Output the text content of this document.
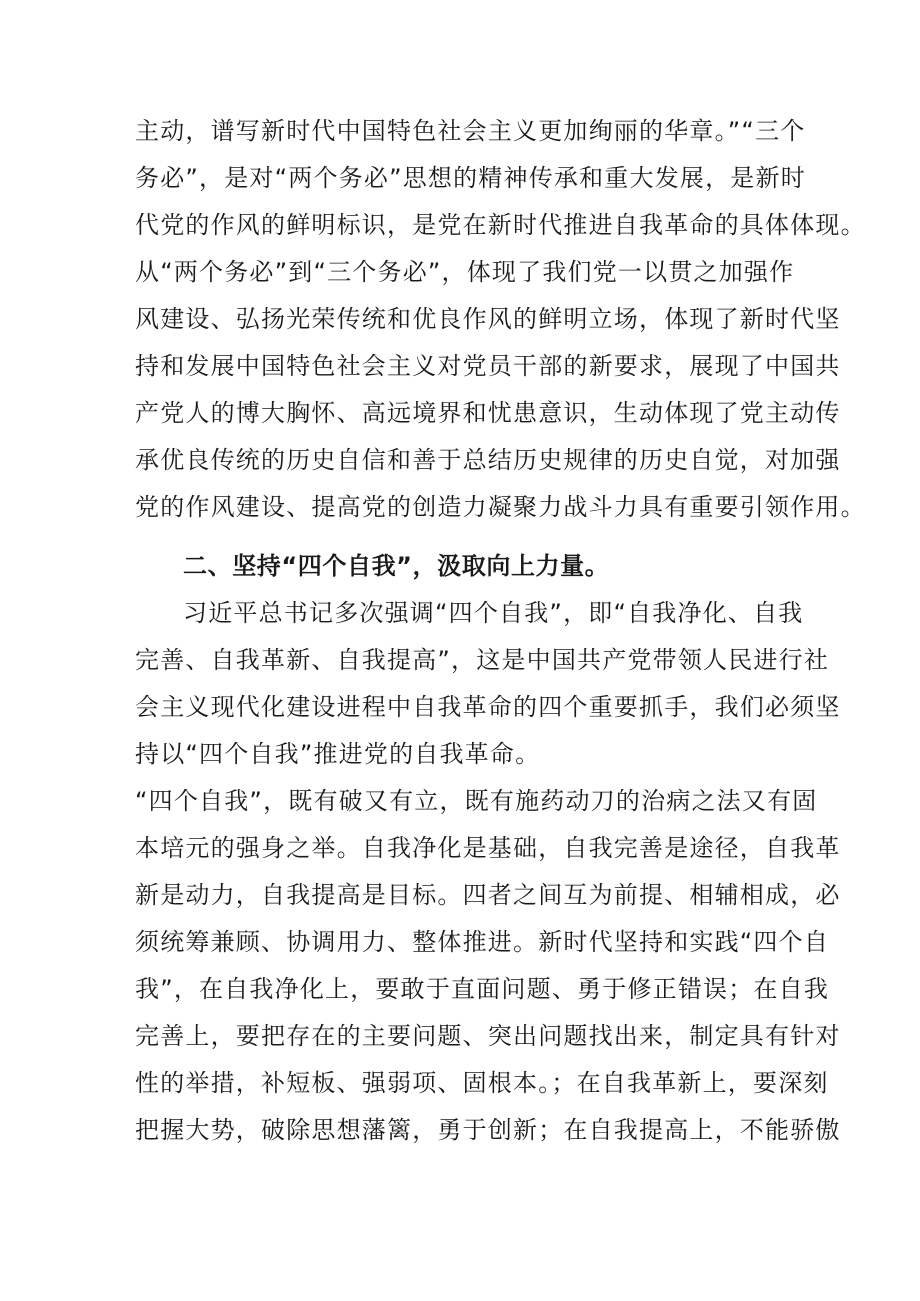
主动，谱写新时代中国特色社会主义更加绚丽的华章。”“三个
务必”，是对“两个务必”思想的精神传承和重大发展，是新时
代党的作风的鲜明标识，是党在新时代推进自我革命的具体体现。
从“两个务必”到“三个务必”，体现了我们党一以贯之加强作
风建设、弘扬光荣传统和优良作风的鲜明立场，体现了新时代坚
持和发展中国特色社会主义对党员干部的新要求，展现了中国共
产党人的博大胸怀、高远境界和忧患意识，生动体现了党主动传
承优良传统的历史自信和善于总结历史规律的历史自觉，对加强
党的作风建设、提高党的创造力凝聚力战斗力具有重要引领作用。
二、坚持“四个自我”，汲取向上力量。
习近平总书记多次强调“四个自我”，即“自我净化、自我
完善、自我革新、自我提高”，这是中国共产党带领人民进行社
会主义现代化建设进程中自我革命的四个重要抓手，我们必须坚
持以“四个自我”推进党的自我革命。
“四个自我”，既有破又有立，既有施药动刀的治病之法又有固
本培元的强身之举。自我净化是基础，自我完善是途径，自我革
新是动力，自我提高是目标。四者之间互为前提、相辅相成，必
须统筹兼顾、协调用力、整体推进。新时代坚持和实践“四个自
我”，在自我净化上，要敢于直面问题、勇于修正错误；在自我
完善上，要把存在的主要问题、突出问题找出来，制定具有针对
性的举措，补短板、强弱项、固根本。；在自我革新上，要深刻
把握大势，破除思想藩篱，勇于创新；在自我提高上，不能骄傲
